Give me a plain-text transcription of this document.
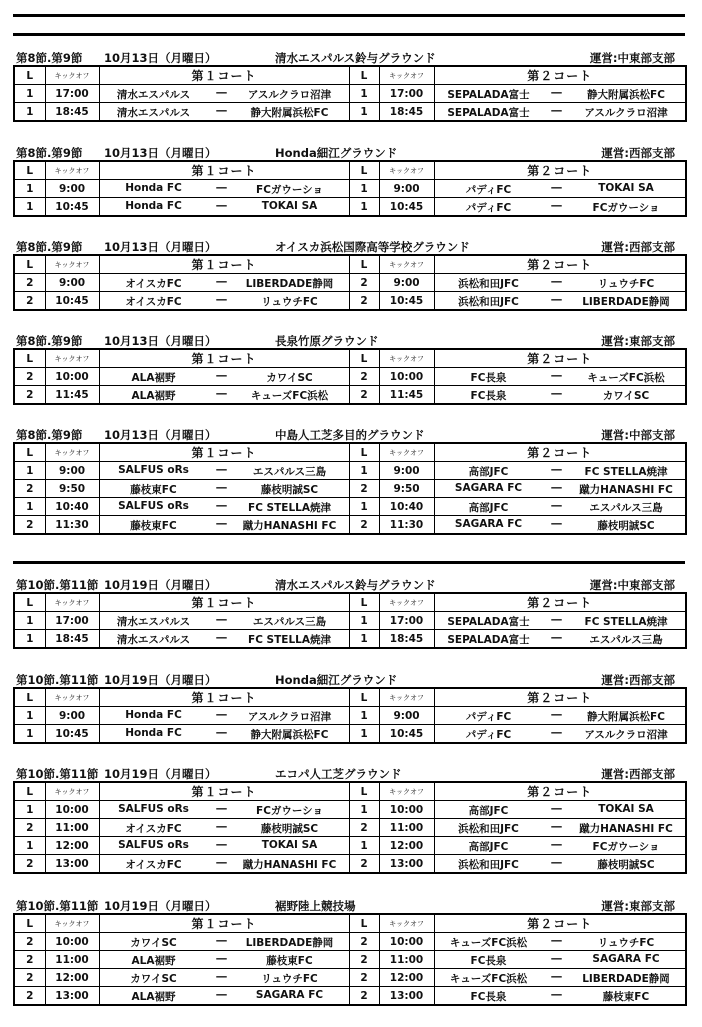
第8節.第9節 10月13日（月曜日）	清水エスパルス鈴与グラウンド	運営:中東部支部
L	キックオフ	第１コート	L	キックオフ	第２コート
1	17:00	清水エスパルス ― アスルクラロ沼津	1	17:00	SEPALADA富士 ― 静大附属浜松FC

1	18:45	清水エスパルス ― 静大附属浜松FC	1	18:45	SEPALADA富士 ― アスルクラロ沼津
第8節.第9節 10月13日（月曜日）	Honda細江グラウンド	運営:西部支部
L	キックオフ	第１コート	L	キックオフ	第２コート
1	9:00	Honda FC ― FCガウーショ	1	9:00	パディFC ― TOKAI SA

1	10:45	Honda FC ― TOKAI SA	1	10:45	パディFC ― FCガウーショ
第8節.第9節 10月13日（月曜日）	オイスカ浜松国際高等学校グラウンド	運営:西部支部
L	キックオフ	第１コート	L	キックオフ	第２コート
2	9:00	オイスカFC ― LIBERDADE静岡	2	9:00	浜松和田JFC ― リュウチFC

2	10:45	オイスカFC ― リュウチFC	2	10:45	浜松和田JFC ― LIBERDADE静岡
第8節.第9節 10月13日（月曜日）	長泉竹原グラウンド	運営:東部支部
L	キックオフ	第１コート	L	キックオフ	第２コート
2	10:00	ALA裾野 ― カワイSC	2	10:00	FC長泉 ― キューズFC浜松

2	11:45	ALA裾野 ― キューズFC浜松	2	11:45	FC長泉 ― カワイSC
第8節.第9節 10月13日（月曜日）	中島人工芝多目的グラウンド	運営:中部支部
L	キックオフ	第１コート	L	キックオフ	第２コート
1	9:00	SALFUS oRs ― エスパルス三島	1	9:00	高部JFC ― FC STELLA焼津

2	9:50	藤枝東FC ― 藤枝明誠SC	2	9:50	SAGARA FC ― 蹴力HANASHI FC

1	10:40	SALFUS oRs ― FC STELLA焼津	1	10:40	高部JFC ― エスパルス三島

2	11:30	藤枝東FC ― 蹴力HANASHI FC	2	11:30	SAGARA FC ― 藤枝明誠SC
第10節.第11節 10月19日（月曜日）	清水エスパルス鈴与グラウンド	運営:中東部支部
L	キックオフ	第１コート	L	キックオフ	第２コート
1	17:00	清水エスパルス ― エスパルス三島	1	17:00	SEPALADA富士 ― FC STELLA焼津

1	18:45	清水エスパルス ― FC STELLA焼津	1	18:45	SEPALADA富士 ― エスパルス三島
第10節.第11節 10月19日（月曜日）	Honda細江グラウンド	運営:西部支部
L	キックオフ	第１コート	L	キックオフ	第２コート
1	9:00	Honda FC ― アスルクラロ沼津	1	9:00	パディFC ― 静大附属浜松FC

1	10:45	Honda FC ― 静大附属浜松FC	1	10:45	パディFC ― アスルクラロ沼津
第10節.第11節 10月19日（月曜日）	エコパ人工芝グラウンド	運営:西部支部
L	キックオフ	第１コート	L	キックオフ	第２コート
1	10:00	SALFUS oRs ― FCガウーショ	1	10:00	高部JFC ― TOKAI SA

2	11:00	オイスカFC ― 藤枝明誠SC	2	11:00	浜松和田JFC ― 蹴力HANASHI FC

1	12:00	SALFUS oRs ― TOKAI SA	1	12:00	高部JFC ― FCガウーショ

2	13:00	オイスカFC ― 蹴力HANASHI FC	2	13:00	浜松和田JFC ― 藤枝明誠SC
第10節.第11節 10月19日（月曜日）	裾野陸上競技場	運営:東部支部
L	キックオフ	第１コート	L	キックオフ	第２コート
2	10:00	カワイSC ― LIBERDADE静岡	2	10:00	キューズFC浜松 ― リュウチFC

2	11:00	ALA裾野 ― 藤枝東FC	2	11:00	FC長泉 ― SAGARA FC

2	12:00	カワイSC ― リュウチFC	2	12:00	キューズFC浜松 ― LIBERDADE静岡

2	13:00	ALA裾野 ― SAGARA FC	2	13:00	FC長泉 ― 藤枝東FC
